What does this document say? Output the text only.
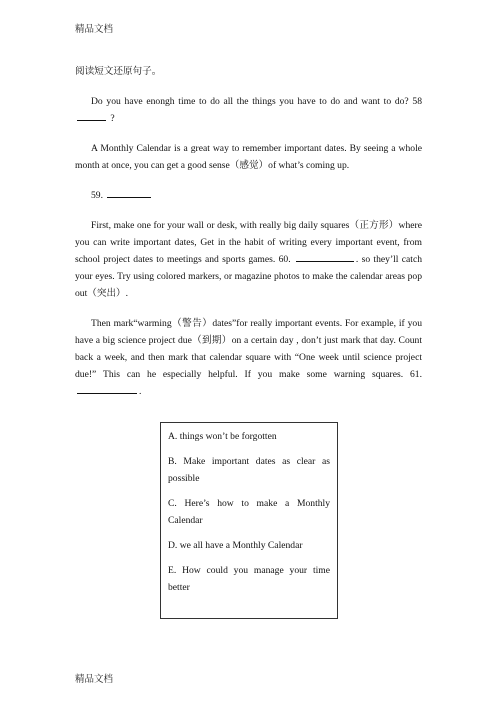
精品文档

阅读短文还原句子。

Do you have enongh time to do all the things you have to do and want to do? 58  ?

A Monthly Calendar is a great way to remember important dates. By seeing a whole month at once, you can get a good sense（感觉）of what’s coming up.

59.

First, make one for your wall or desk, with really big daily squares（正方形）where you can write important dates, Get in the habit of writing every important event, from school project dates to meetings and sports games. 60.	. so they’ll catch your eyes. Try using colored markers, or magazine photos to make the calendar areas pop out（突出）.

Then mark“warming（警告）dates”for really important events. For example, if you have a big science project due（到期）on a certain day , don’t just mark that day. Count back a week, and then mark that calendar square with “One week until science project due!” This can he especially helpful. If you make some warning squares. 61. .

A. things won’t be forgotten

B. Make important dates as clear as possible

C. Here’s how to make a Monthly Calendar

D. we all have a Monthly Calendar

E. How could you manage your time better

精品文档
